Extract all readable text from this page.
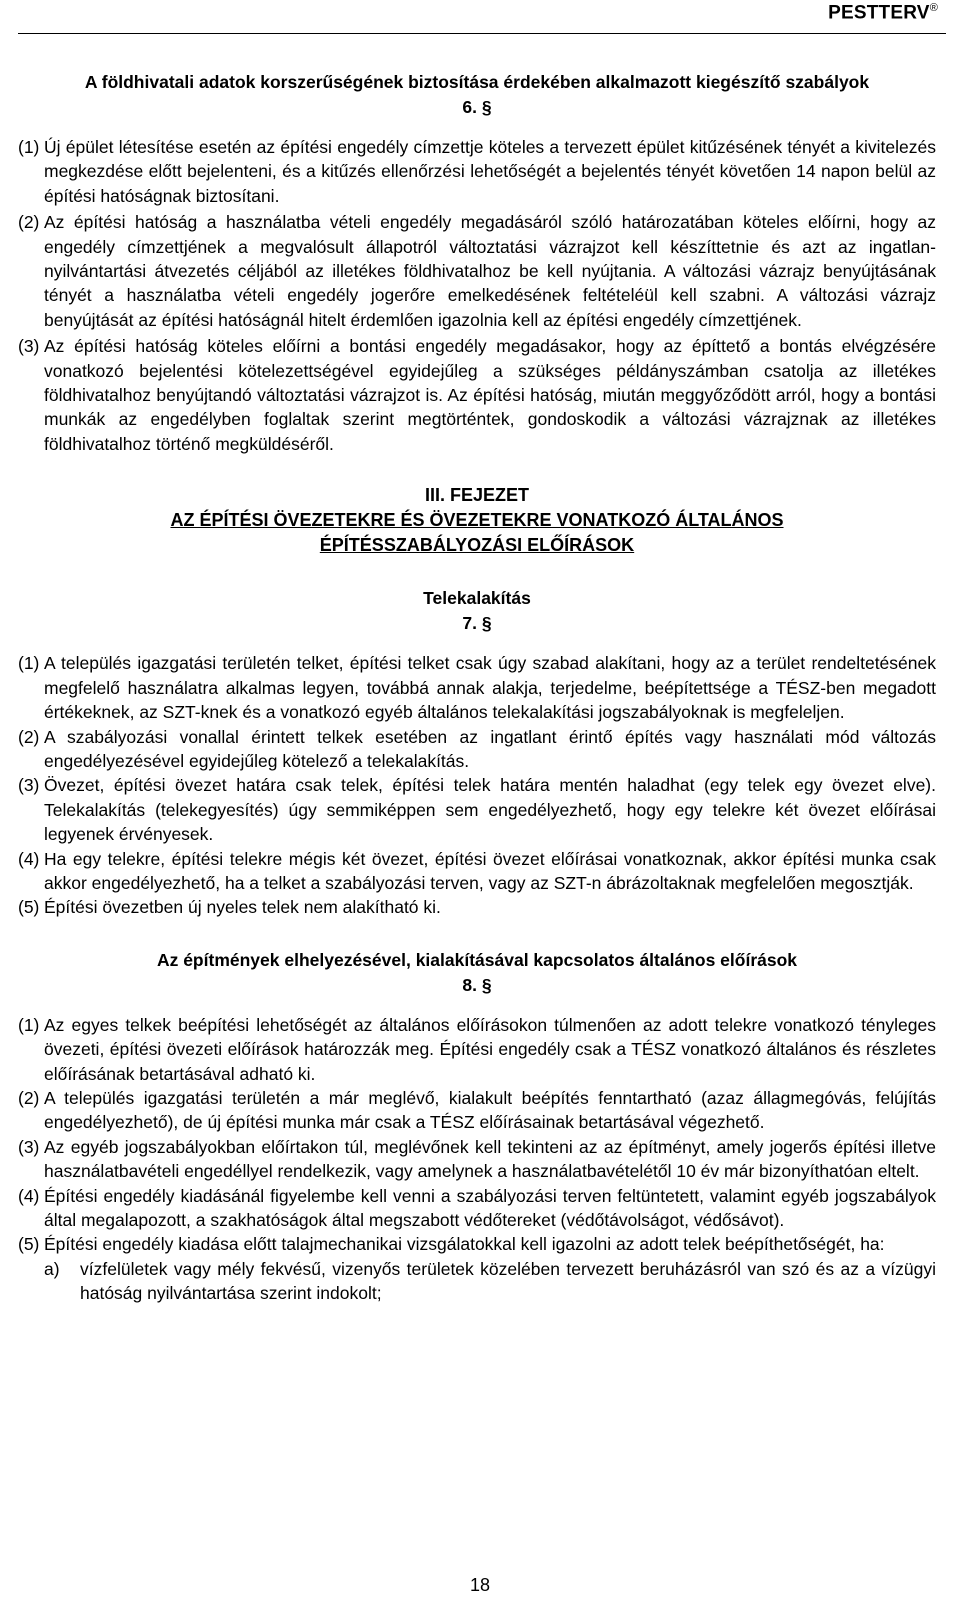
PESTTERV®
A földhivatali adatok korszerűségének biztosítása érdekében alkalmazott kiegészítő szabályok
6. §
(1) Új épület létesítése esetén az építési engedély címzettje köteles a tervezett épület kitűzésének tényét a kivitelezés megkezdése előtt bejelenteni, és a kitűzés ellenőrzési lehetőségét a bejelentés tényét követően 14 napon belül az építési hatóságnak biztosítani.
(2) Az építési hatóság a használatba vételi engedély megadásáról szóló határozatában köteles előírni, hogy az engedély címzettjének a megvalósult állapotról változtatási vázrajzot kell készíttetnie és azt az ingatlan-nyilvántartási átvezetés céljából az illetékes földhivatalhoz be kell nyújtania. A változási vázrajz benyújtásának tényét a használatba vételi engedély jogerőre emelkedésének feltételéül kell szabni. A változási vázrajz benyújtását az építési hatóságnál hitelt érdemlően igazolnia kell az építési engedély címzettjének.
(3) Az építési hatóság köteles előírni a bontási engedély megadásakor, hogy az építtető a bontás elvégzésére vonatkozó bejelentési kötelezettségével egyidejűleg a szükséges példányszámban csatolja az illetékes földhivatalhoz benyújtandó változtatási vázrajzot is. Az építési hatóság, miután meggyőződött arról, hogy a bontási munkák az engedélyben foglaltak szerint megtörténtek, gondoskodik a változási vázrajznak az illetékes földhivatalhoz történő megküldéséről.
III. FEJEZET
AZ ÉPÍTÉSI ÖVEZETEKRE ÉS ÖVEZETEKRE VONATKOZÓ ÁLTALÁNOS
ÉPÍTÉSSZABÁLYOZÁSI ELŐÍRÁSOK
Telekalakítás
7. §
(1) A település igazgatási területén telket, építési telket csak úgy szabad alakítani, hogy az a terület rendeltetésének megfelelő használatra alkalmas legyen, továbbá annak alakja, terjedelme, beépítettsége a TÉSZ-ben megadott értékeknek, az SZT-knek és a vonatkozó egyéb általános telekalakítási jogszabályoknak is megfeleljen.
(2) A szabályozási vonallal érintett telkek esetében az ingatlant érintő építés vagy használati mód változás engedélyezésével egyidejűleg kötelező a telekalakítás.
(3) Övezet, építési övezet határa csak telek, építési telek határa mentén haladhat (egy telek egy övezet elve). Telekalakítás (telekegyesítés) úgy semmiképpen sem engedélyezhető, hogy egy telekre két övezet előírásai legyenek érvényesek.
(4) Ha egy telekre, építési telekre mégis két övezet, építési övezet előírásai vonatkoznak, akkor építési munka csak akkor engedélyezhető, ha a telket a szabályozási terven, vagy az SZT-n ábrázoltaknak megfelelően megosztják.
(5) Építési övezetben új nyeles telek nem alakítható ki.
Az építmények elhelyezésével, kialakításával kapcsolatos általános előírások
8. §
(1) Az egyes telkek beépítési lehetőségét az általános előírásokon túlmenően az adott telekre vonatkozó tényleges övezeti, építési övezeti előírások határozzák meg. Építési engedély csak a TÉSZ vonatkozó általános és részletes előírásának betartásával adható ki.
(2) A település igazgatási területén a már meglévő, kialakult beépítés fenntartható (azaz állagmegóvás, felújítás engedélyezhető), de új építési munka már csak a TÉSZ előírásainak betartásával végezhető.
(3) Az egyéb jogszabályokban előírtakon túl, meglévőnek kell tekinteni az az építményt, amely jogerős építési illetve használatbavételi engedéllyel rendelkezik, vagy amelynek a használatbavételétől 10 év már bizonyíthatóan eltelt.
(4) Építési engedély kiadásánál figyelembe kell venni a szabályozási terven feltüntetett, valamint egyéb jogszabályok által megalapozott, a szakhatóságok által megszabott védőtereket (védőtávolságot, védősávot).
(5) Építési engedély kiadása előtt talajmechanikai vizsgálatokkal kell igazolni az adott telek beépíthetőségét, ha:
a) vízfelületek vagy mély fekvésű, vizenyős területek közelében tervezett beruházásról van szó és az a vízügyi hatóság nyilvántartása szerint indokolt;
18
